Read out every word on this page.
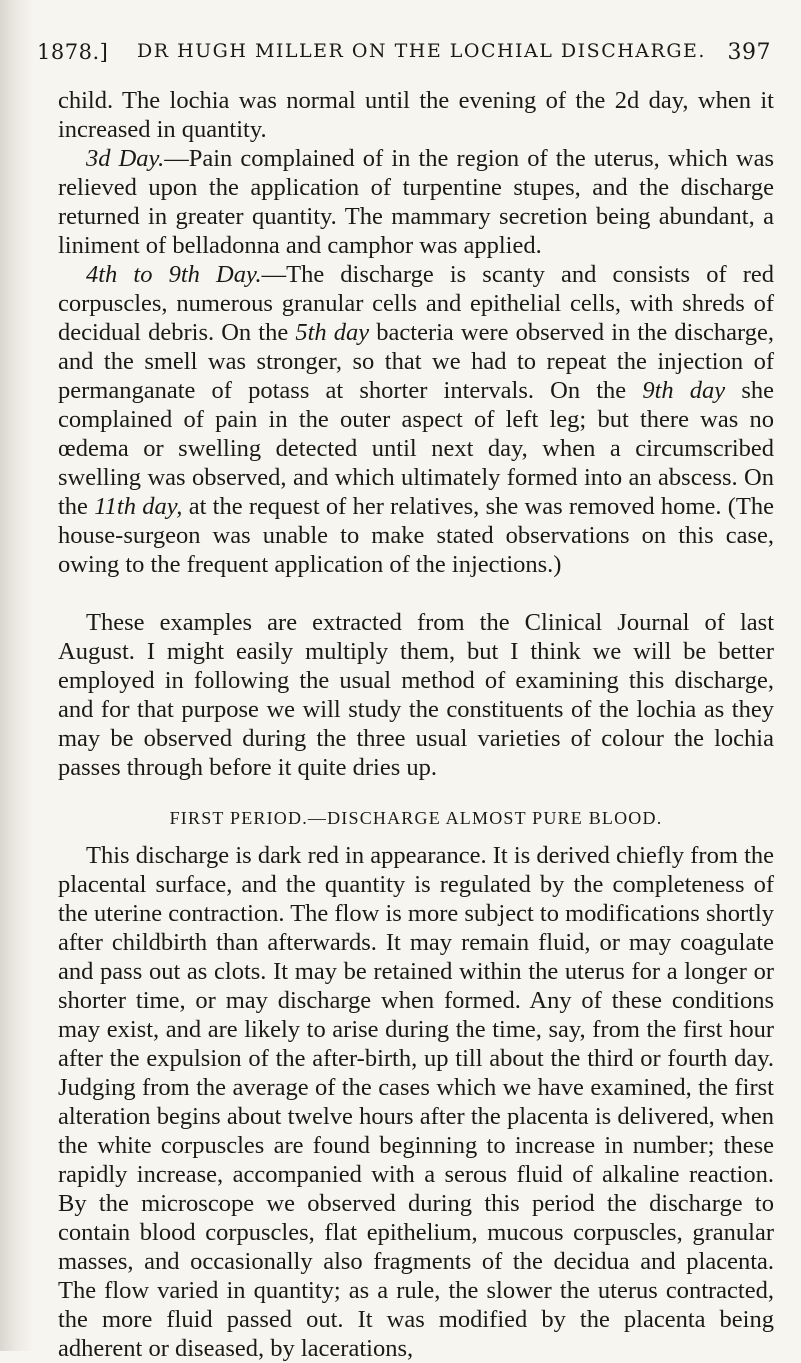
1878.] DR HUGH MILLER ON THE LOCHIAL DISCHARGE. 397

child. The lochia was normal until the evening of the 2d day, when it increased in quantity.

3d Day.—Pain complained of in the region of the uterus, which was relieved upon the application of turpentine stupes, and the discharge returned in greater quantity. The mammary secretion being abundant, a liniment of belladonna and camphor was applied.

4th to 9th Day.—The discharge is scanty and consists of red corpuscles, numerous granular cells and epithelial cells, with shreds of decidual debris. On the 5th day bacteria were observed in the discharge, and the smell was stronger, so that we had to repeat the injection of permanganate of potass at shorter intervals. On the 9th day she complained of pain in the outer aspect of left leg; but there was no œdema or swelling detected until next day, when a circumscribed swelling was observed, and which ultimately formed into an abscess. On the 11th day, at the request of her relatives, she was removed home. (The house-surgeon was unable to make stated observations on this case, owing to the frequent application of the injections.)

These examples are extracted from the Clinical Journal of last August. I might easily multiply them, but I think we will be better employed in following the usual method of examining this discharge, and for that purpose we will study the constituents of the lochia as they may be observed during the three usual varieties of colour the lochia passes through before it quite dries up.

FIRST PERIOD.—DISCHARGE ALMOST PURE BLOOD.

This discharge is dark red in appearance. It is derived chiefly from the placental surface, and the quantity is regulated by the completeness of the uterine contraction. The flow is more subject to modifications shortly after childbirth than afterwards. It may remain fluid, or may coagulate and pass out as clots. It may be retained within the uterus for a longer or shorter time, or may discharge when formed. Any of these conditions may exist, and are likely to arise during the time, say, from the first hour after the expulsion of the after-birth, up till about the third or fourth day. Judging from the average of the cases which we have examined, the first alteration begins about twelve hours after the placenta is delivered, when the white corpuscles are found beginning to increase in number; these rapidly increase, accompanied with a serous fluid of alkaline reaction. By the microscope we observed during this period the discharge to contain blood corpuscles, flat epithelium, mucous corpuscles, granular masses, and occasionally also fragments of the decidua and placenta. The flow varied in quantity; as a rule, the slower the uterus contracted, the more fluid passed out. It was modified by the placenta being adherent or diseased, by lacerations,
